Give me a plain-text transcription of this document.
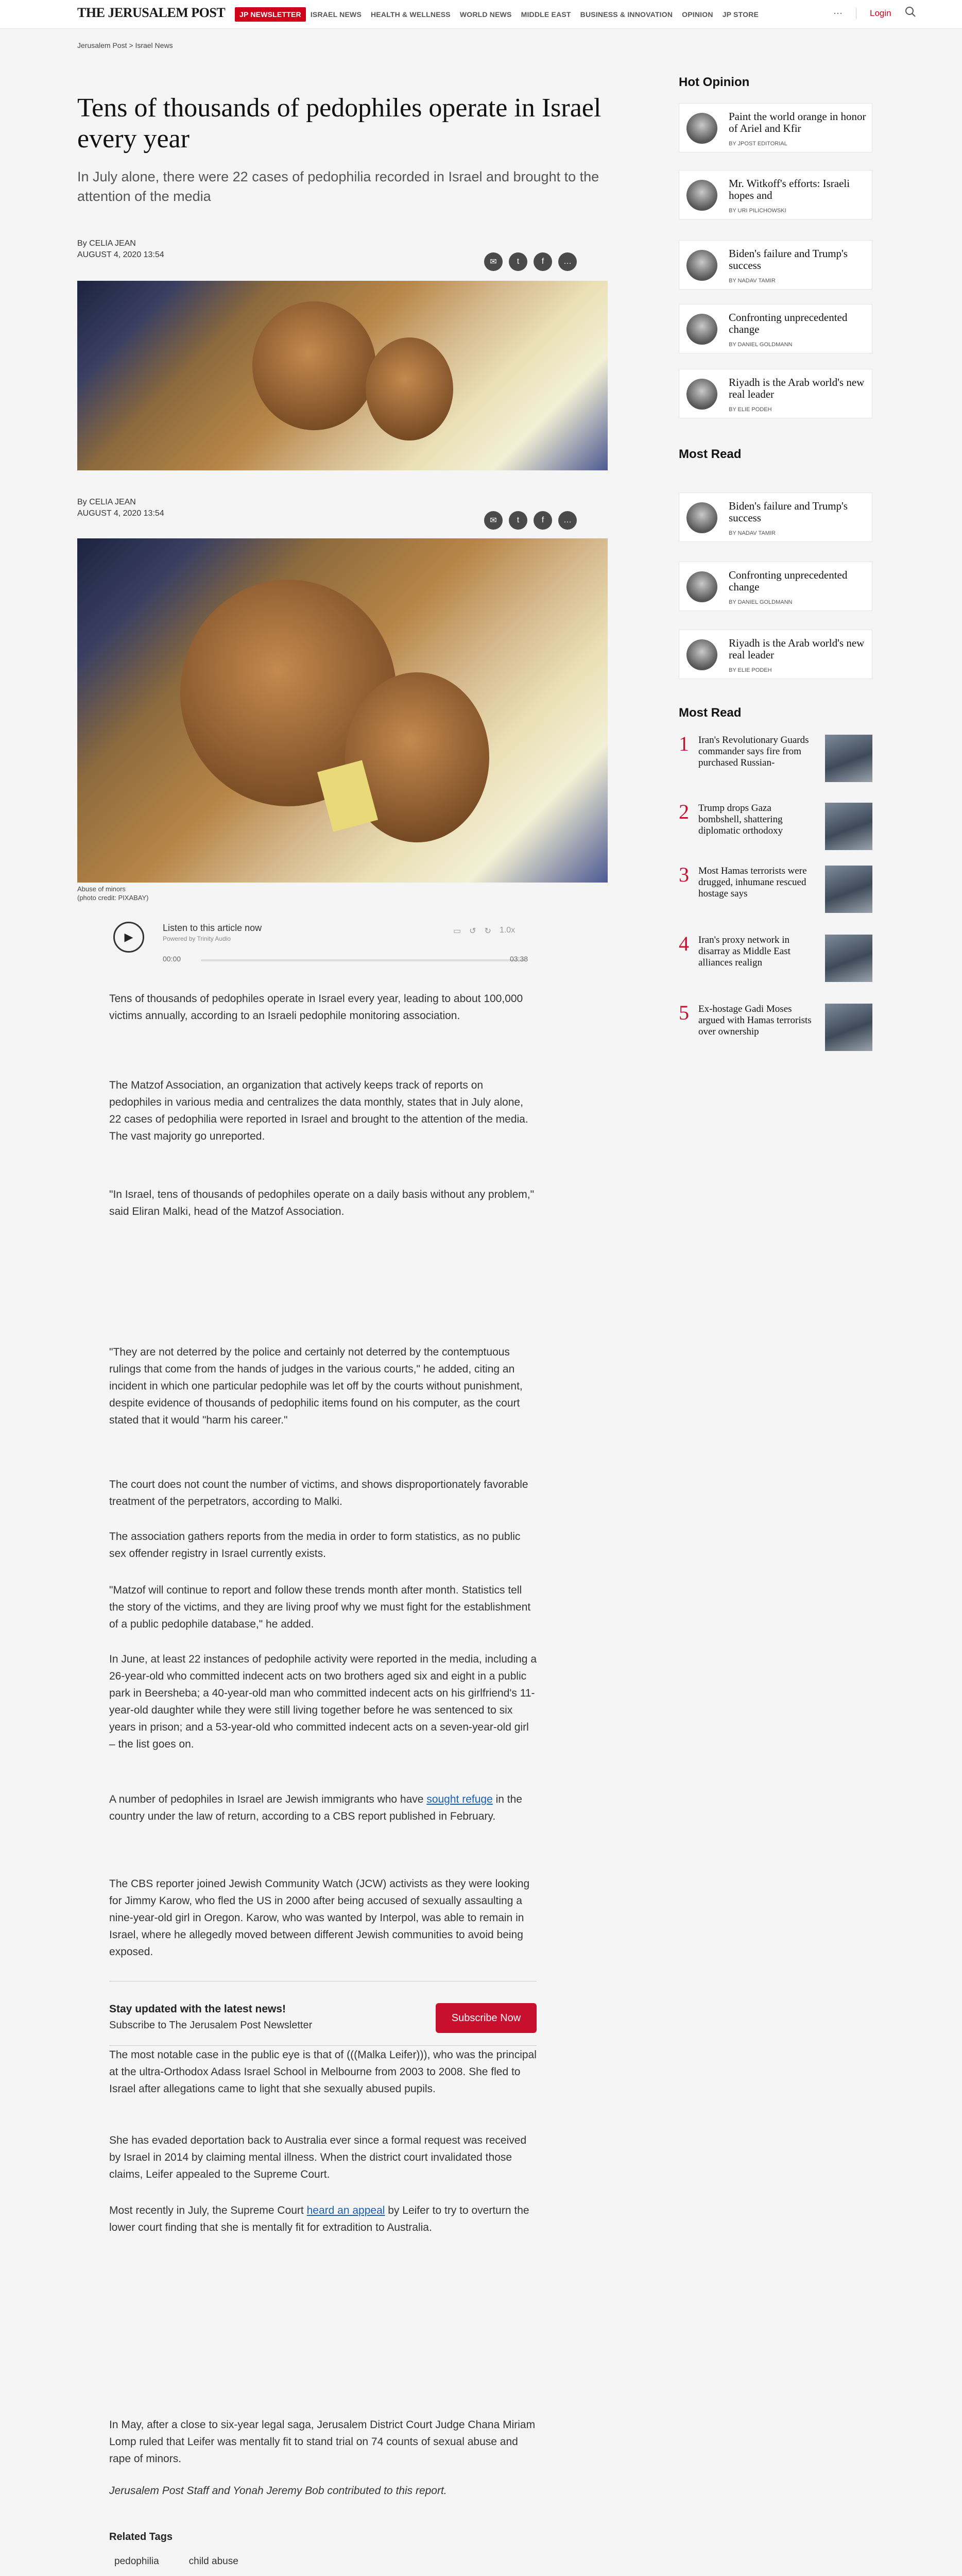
THE JERUSALEM POST	JP NEWSLETTER	ISRAEL NEWS	HEALTH & WELLNESS	WORLD NEWS	MIDDLE EAST	BUSINESS & INNOVATION	OPINION	JP STORE	···	Login
Jerusalem Post > Israel News
Tens of thousands of pedophiles operate in Israel every year
In July alone, there were 22 cases of pedophilia recorded in Israel and brought to the attention of the media
By CELIA JEAN
AUGUST 4, 2020 13:54
✉	t	f	…
By CELIA JEAN
AUGUST 4, 2020 13:54
✉	t	f	…
Abuse of minors
(photo credit: PIXABAY)
▶
Listen to this article now
Powered by Trinity Audio
▭ ↺ ↻ 1.0x
00:00	03:38

Tens of thousands of pedophiles operate in Israel every year, leading to about 100,000 victims annually, according to an Israeli pedophile monitoring association.

The Matzof Association, an organization that actively keeps track of reports on pedophiles in various media and centralizes the data monthly, states that in July alone, 22 cases of pedophilia were reported in Israel and brought to the attention of the media. The vast majority go unreported.

"In Israel, tens of thousands of pedophiles operate on a daily basis without any problem," said Eliran Malki, head of the Matzof Association.

"They are not deterred by the police and certainly not deterred by the contemptuous rulings that come from the hands of judges in the various courts," he added, citing an incident in which one particular pedophile was let off by the courts without punishment, despite evidence of thousands of pedophilic items found on his computer, as the court stated that it would "harm his career."

The court does not count the number of victims, and shows disproportionately favorable treatment of the perpetrators, according to Malki.

The association gathers reports from the media in order to form statistics, as no public sex offender registry in Israel currently exists.

"Matzof will continue to report and follow these trends month after month. Statistics tell the story of the victims, and they are living proof why we must fight for the establishment of a public pedophile database," he added.

In June, at least 22 instances of pedophile activity were reported in the media, including a 26-year-old who committed indecent acts on two brothers aged six and eight in a public park in Beersheba; a 40-year-old man who committed indecent acts on his girlfriend's 11-year-old daughter while they were still living together before he was sentenced to six years in prison; and a 53-year-old who committed indecent acts on a seven-year-old girl – the list goes on.

A number of pedophiles in Israel are Jewish immigrants who have sought refuge in the country under the law of return, according to a CBS report published in February.

The CBS reporter joined Jewish Community Watch (JCW) activists as they were looking for Jimmy Karow, who fled the US in 2000 after being accused of sexually assaulting a nine-year-old girl in Oregon. Karow, who was wanted by Interpol, was able to remain in Israel, where he allegedly moved between different Jewish communities to avoid being exposed.

Stay updated with the latest news!
Subscribe to The Jerusalem Post Newsletter
Subscribe Now

The most notable case in the public eye is that of (((Malka Leifer))), who was the principal at the ultra-Orthodox Adass Israel School in Melbourne from 2003 to 2008. She fled to Israel after allegations came to light that she sexually abused pupils.

She has evaded deportation back to Australia ever since a formal request was received by Israel in 2014 by claiming mental illness. When the district court invalidated those claims, Leifer appealed to the Supreme Court.

Most recently in July, the Supreme Court heard an appeal by Leifer to try to overturn the lower court finding that she is mentally fit for extradition to Australia.

Related Tags
pedophilia	child abuse
Hot Opinion
Paint the world orange in honor of Ariel and Kfir
BY JPOST EDITORIAL
Mr. Witkoff's efforts: Israeli hopes and
BY URI PILICHOWSKI
Biden's failure and Trump's success
BY NADAV TAMIR
Confronting unprecedented change
BY DANIEL GOLDMANN
Riyadh is the Arab world's new real leader
BY ELIE PODEH
Most Read
Biden's failure and Trump's success
BY NADAV TAMIR
Confronting unprecedented change
BY DANIEL GOLDMANN
Riyadh is the Arab world's new real leader
BY ELIE PODEH
Most Read
1 Iran's Revolutionary Guards commander says fire from purchased Russian-
2 Trump drops Gaza bombshell, shattering diplomatic orthodoxy
3 Most Hamas terrorists were drugged, inhumane rescued hostage says
4 Iran's proxy network in disarray as Middle East alliances realign
5 Ex-hostage Gadi Moses argued with Hamas terrorists over ownership

In May, after a close to six-year legal saga, Jerusalem District Court Judge Chana Miriam Lomp ruled that Leifer was mentally fit to stand trial on 74 counts of sexual abuse and rape of minors.

Jerusalem Post Staff and Yonah Jeremy Bob contributed to this report.
